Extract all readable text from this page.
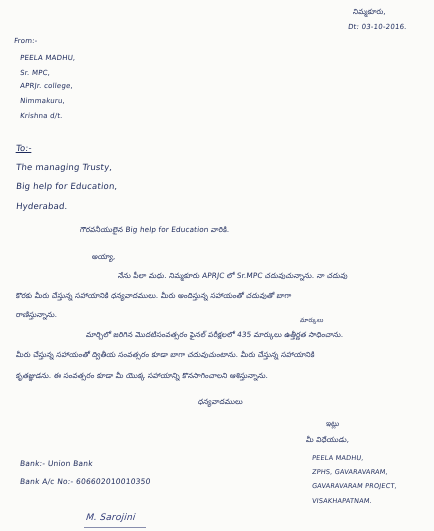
నిమ్మకూరు,
Dt: 03-10-2016.
From:-
PEELA MADHU,
Sr. MPC,
APRJr. college,
Nimmakuru,
Krishna d/t.
To:-
The managing Trusty,
Big help for Education,
Hyderabad.
గౌరవనీయులైన Big help for Education వారికి.
అయ్యా,
నేను పీలా మధు. నిమ్మకూరు APRJC లో Sr.MPC చదువుచున్నాను. నా చదువు
కొరకు మీరు చేస్తున్న సహాయానికి ధన్యవాదములు. మీరు అందిస్తున్న సహాయంతో చదువుతో బాగా
రాణిస్తున్నాను.
మార్కులు
మార్చిలో జరిగిన మొదటిసంవత్సరం ఫైనల్ పరీక్షలలో 435 మార్కులు ఉత్తీర్ణత సాధించాను.
మీరు చేస్తున్న సహాయంతో ద్వితీయ సంవత్సరం కూడా బాగా చదువుచుంటాను. మీరు చేస్తున్న సహాయానికి
కృతజ్ఞుడను. ఈ సంవత్సరం కూడా మీ యొక్క సహాయాన్ని కొనసాగించాలని ఆశిస్తున్నాను.
ధన్యవాదములు
ఇట్లు
మీ విధేయుడు,
PEELA MADHU,
ZPHS, GAVARAVARAM,
GAVARAVARAM PROJECT,
VISAKHAPATNAM.
Bank:- Union Bank
Bank A/c No:- 606602010010350
M. Sarojini
